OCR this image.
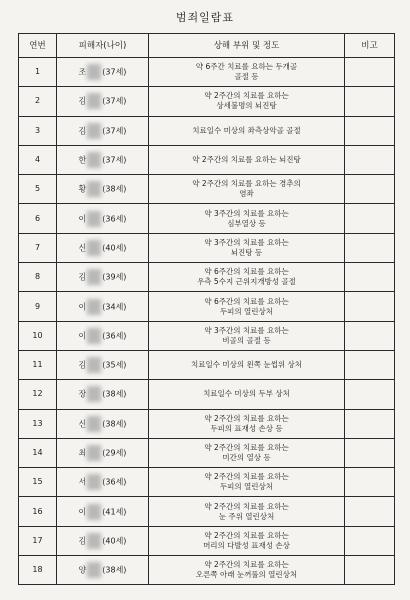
범죄일람표
연번	피해자(나이)	상해 부위 및 정도	비고
1	조 (37세)	약 6주간 치료를 요하는 두개골
골절 등	

2	김 (37세)	약 2주간의 치료를 요하는
상세불명의 뇌진탕	

3	김 (37세)	치료일수 미상의 좌측상악골 골절	

4	한 (37세)	약 2주간의 치료를 요하는 뇌진탕	

5	황 (38세)	약 2주간의 치료를 요하는 경추의
염좌	

6	이 (36세)	약 3주간의 치료를 요하는
심부열상 등	

7	신 (40세)	약 3주간의 치료를 요하는
뇌진탕 등	

8	김 (39세)	약 6주간의 치료를 요하는
우측 5수지 근위지개방성 골절	

9	이 (34세)	약 6주간의 치료를 요하는
두피의 열린상처	

10	이 (36세)	약 3주간의 치료를 요하는
비골의 골절 등	

11	김 (35세)	치료일수 미상의 왼쪽 눈썹위 상처	

12	장 (38세)	치료일수 미상의 두부 상처	

13	신 (38세)	약 2주간의 치료를 요하는
두피의 표재성 손상 등	

14	최 (29세)	약 2주간의 치료를 요하는
미간의 열상 등	

15	서 (36세)	약 2주간의 치료를 요하는
두피의 열린상처	

16	이 (41세)	약 2주간의 치료를 요하는
눈 주위 열린상처	

17	김 (40세)	약 2주간의 치료를 요하는
머리의 다발성 표재성 손상	

18	양 (38세)	약 2주간의 치료를 요하는
오른쪽 아래 눈꺼풀의 열린상처	
